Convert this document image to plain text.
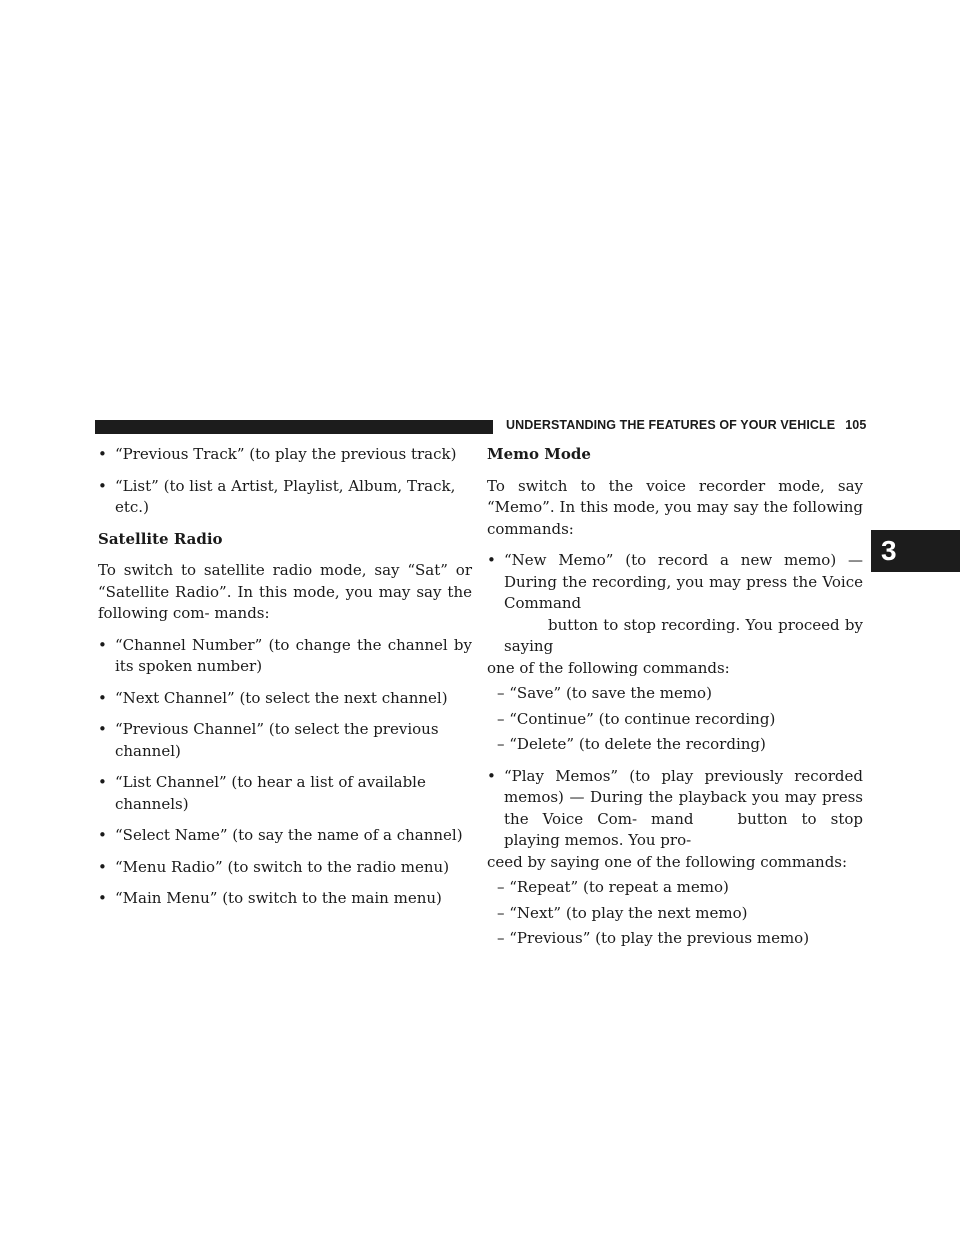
UNDERSTANDING THE FEATURES OF YOUR VEHICLE 105
3
• “Previous Track” (to play the previous track)
• “List” (to list a Artist, Playlist, Album, Track, etc.)
Satellite Radio
To switch to satellite radio mode, say “Sat” or “Satellite Radio”. In this mode, you may say the following com- mands:
• “Channel Number” (to change the channel by its spoken number)
• “Next Channel” (to select the next channel)
• “Previous Channel” (to select the previous channel)
• “List Channel” (to hear a list of available channels)
• “Select Name” (to say the name of a channel)
• “Menu Radio” (to switch to the radio menu)
• “Main Menu” (to switch to the main menu)
Memo Mode
To switch to the voice recorder mode, say “Memo”. In this mode, you may say the following commands:
• “New Memo” (to record a new memo) — During the recording, you may press the Voice Command
button to stop recording. You proceed by saying
one of the following commands:
– “Save” (to save the memo)
– “Continue” (to continue recording)
– “Delete” (to delete the recording)
• “Play Memos” (to play previously recorded memos) — During the playback you may press the Voice Com- mand	button to stop playing memos. You pro-
ceed by saying one of the following commands:
– “Repeat” (to repeat a memo)
– “Next” (to play the next memo)
– “Previous” (to play the previous memo)
